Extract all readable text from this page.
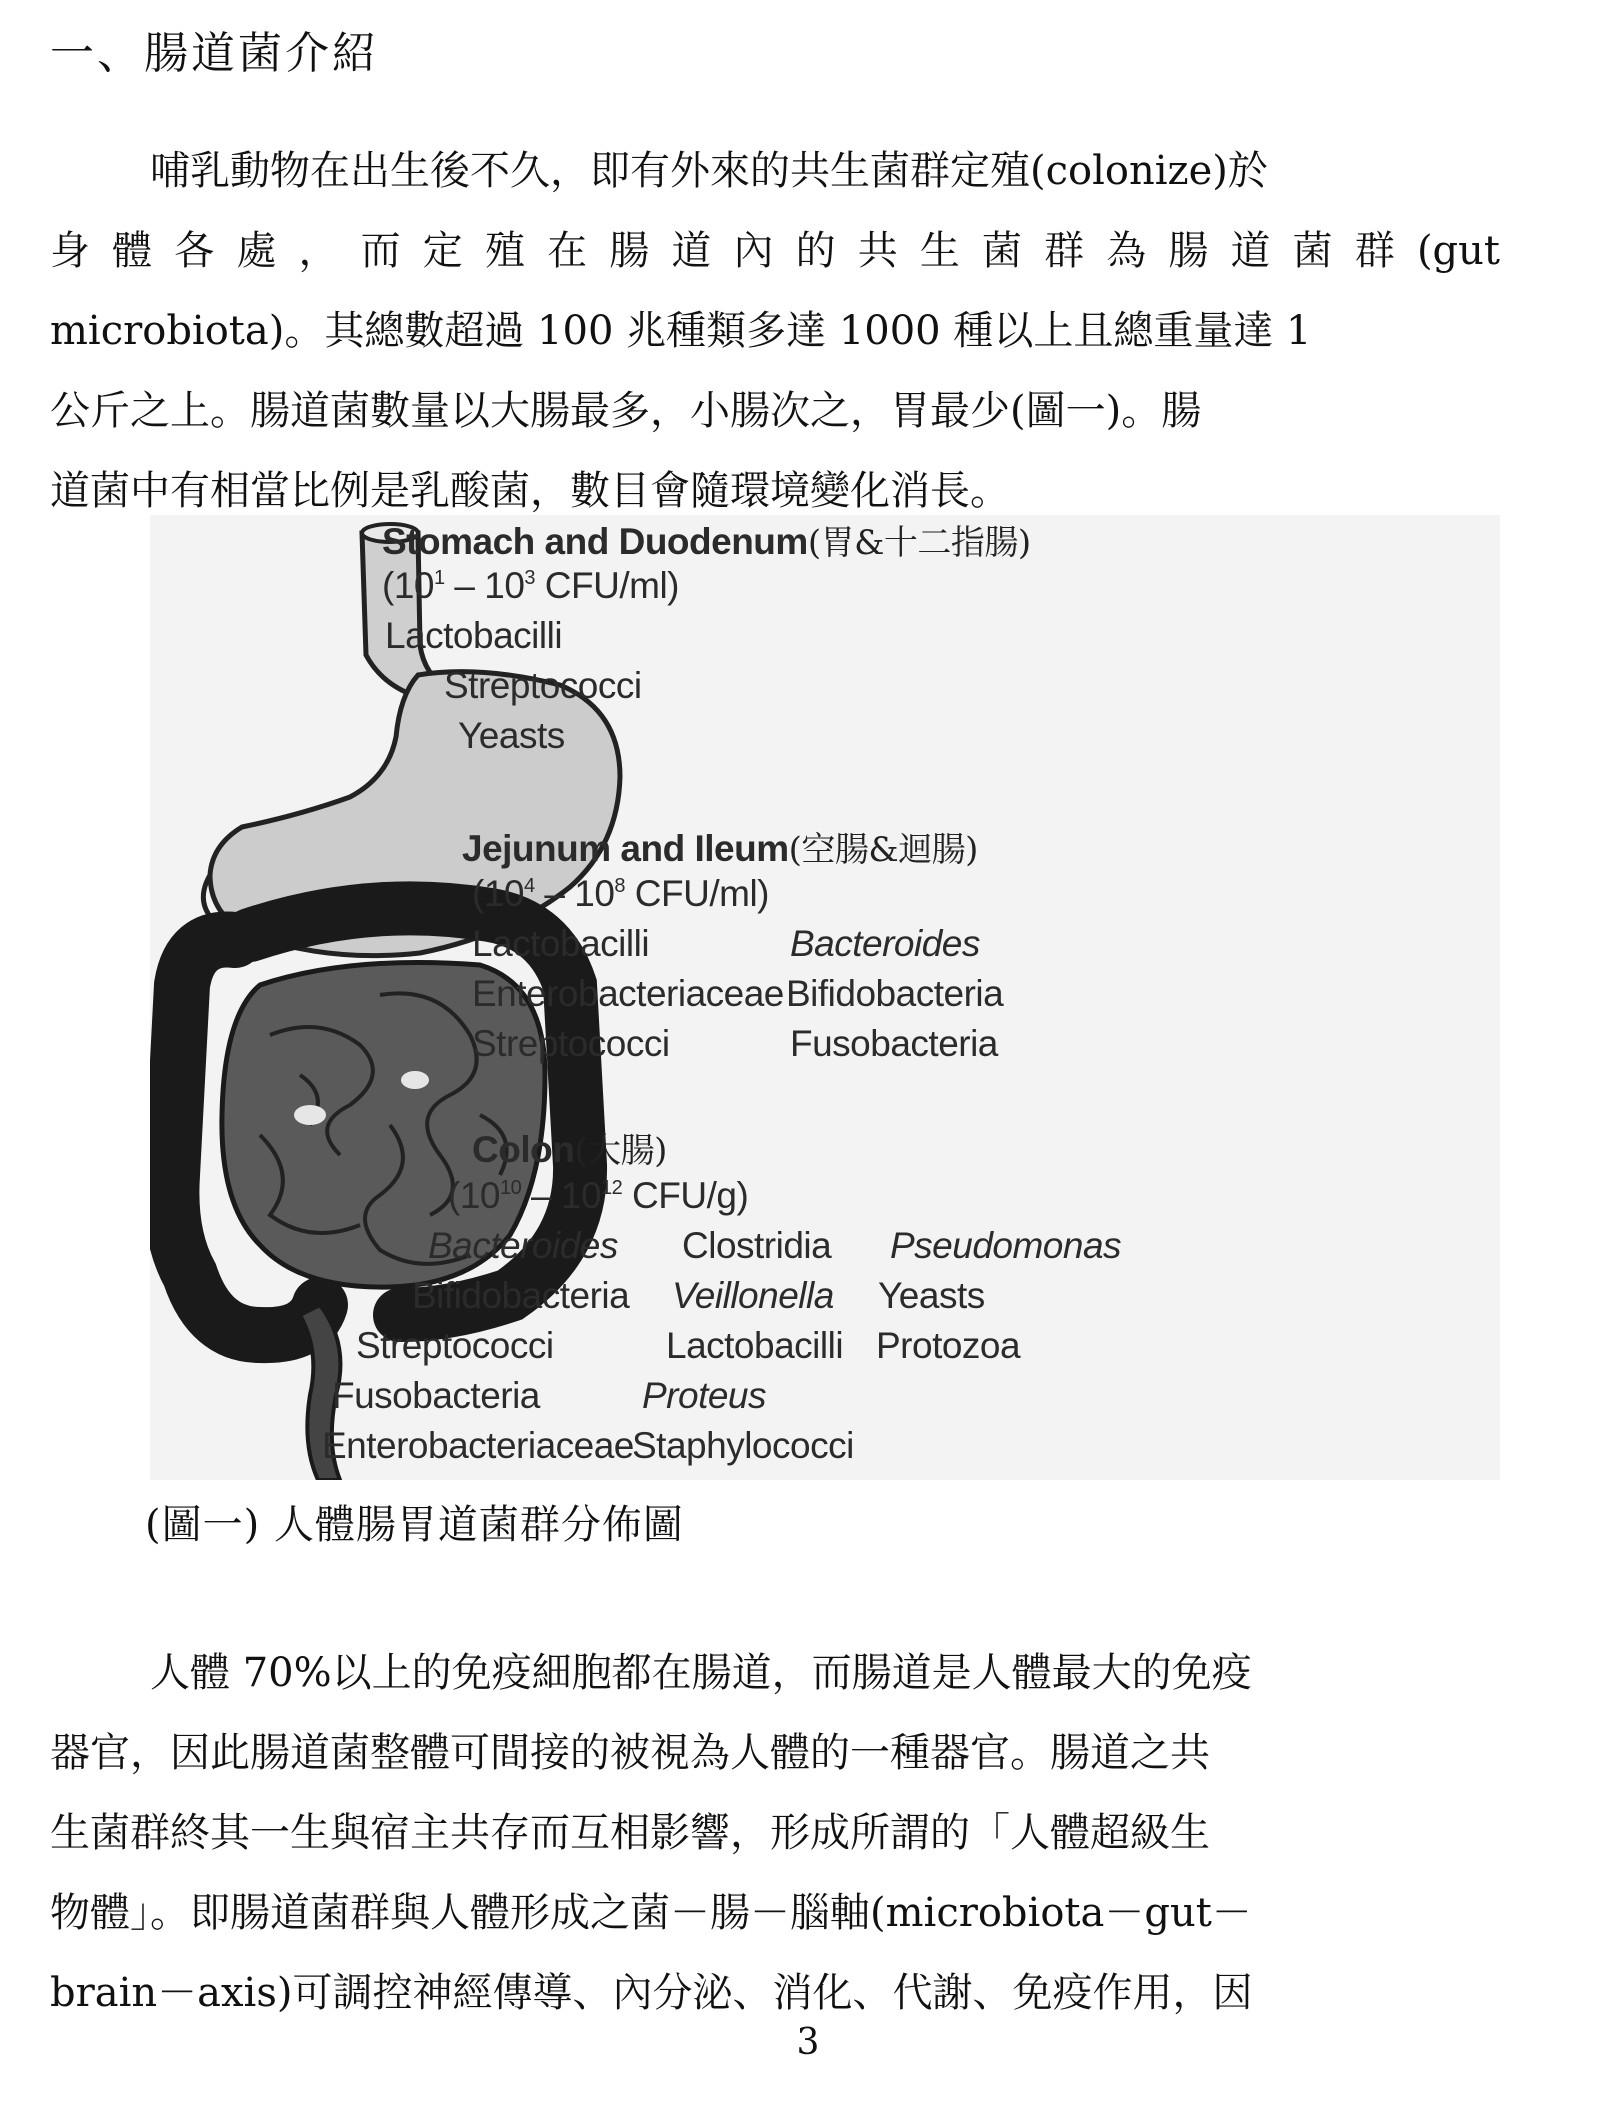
一、腸道菌介紹
哺乳動物在出生後不久，即有外來的共生菌群定殖(colonize)於
身體各處，而定殖在腸道內的共生菌群為腸道菌群(gut
microbiota)。其總數超過 100 兆種類多達 1000 種以上且總重量達 1
公斤之上。腸道菌數量以大腸最多，小腸次之，胃最少(圖一)。腸
道菌中有相當比例是乳酸菌，數目會隨環境變化消長。
Stomach and Duodenum(胃&十二指腸)
($10^1 - 10^3$ CFU/ml)
Lactobacilli
Streptococci
Yeasts
Jejunum and Ileum(空腸&迴腸)
($10^4 - 10^8$ CFU/ml)
Lactobacilli
Enterobacteriaceae
Streptococci
Bacteroides
Bifidobacteria
Fusobacteria
Colon(大腸)
($10^{10} - 10^{12}$ CFU/g)
Bacteroides
Bifidobacteria
Streptococci
Fusobacteria
Enterobacteriaceae
Clostridia
Veillonella
Lactobacilli
Proteus
Staphylococci
Pseudomonas
Yeasts
Protozoa
(圖一) 人體腸胃道菌群分佈圖
人體 70%以上的免疫細胞都在腸道，而腸道是人體最大的免疫
器官，因此腸道菌整體可間接的被視為人體的一種器官。腸道之共
生菌群終其一生與宿主共存而互相影響，形成所謂的「人體超級生
物體」。即腸道菌群與人體形成之菌－腸－腦軸(microbiota－gut－
brain－axis)可調控神經傳導、內分泌、消化、代謝、免疫作用，因
3
